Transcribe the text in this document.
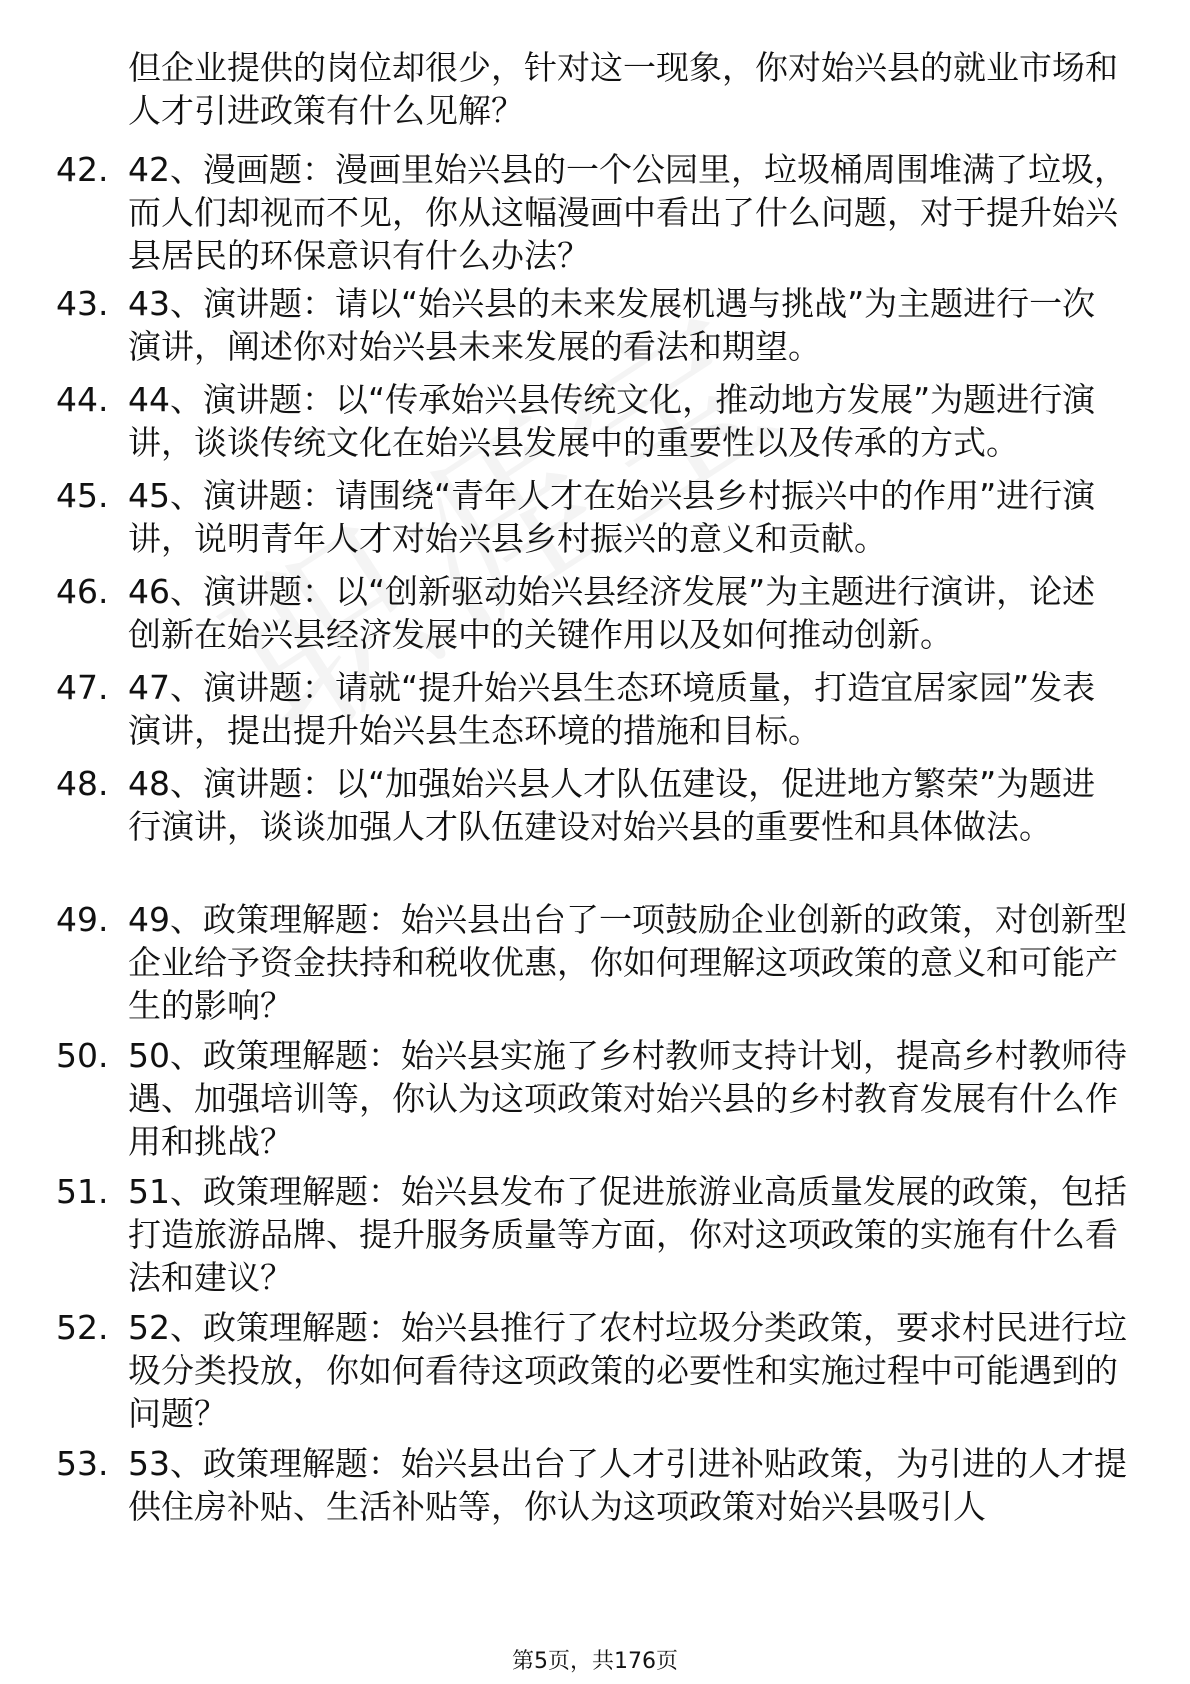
但企业提供的岗位却很少，针对这一现象，你对始兴县的就业市场和人才引进政策有什么见解？
42. 42、漫画题：漫画里始兴县的一个公园里，垃圾桶周围堆满了垃圾，而人们却视而不见，你从这幅漫画中看出了什么问题，对于提升始兴县居民的环保意识有什么办法？
43. 43、演讲题：请以“始兴县的未来发展机遇与挑战”为主题进行一次演讲，阐述你对始兴县未来发展的看法和期望。
44. 44、演讲题：以“传承始兴县传统文化，推动地方发展”为题进行演讲，谈谈传统文化在始兴县发展中的重要性以及传承的方式。
45. 45、演讲题：请围绕“青年人才在始兴县乡村振兴中的作用”进行演讲，说明青年人才对始兴县乡村振兴的意义和贡献。
46. 46、演讲题：以“创新驱动始兴县经济发展”为主题进行演讲，论述创新在始兴县经济发展中的关键作用以及如何推动创新。
47. 47、演讲题：请就“提升始兴县生态环境质量，打造宜居家园”发表演讲，提出提升始兴县生态环境的措施和目标。
48. 48、演讲题：以“加强始兴县人才队伍建设，促进地方繁荣”为题进行演讲，谈谈加强人才队伍建设对始兴县的重要性和具体做法。
49. 49、政策理解题：始兴县出台了一项鼓励企业创新的政策，对创新型企业给予资金扶持和税收优惠，你如何理解这项政策的意义和可能产生的影响？
50. 50、政策理解题：始兴县实施了乡村教师支持计划，提高乡村教师待遇、加强培训等，你认为这项政策对始兴县的乡村教育发展有什么作用和挑战？
51. 51、政策理解题：始兴县发布了促进旅游业高质量发展的政策，包括打造旅游品牌、提升服务质量等方面，你对这项政策的实施有什么看法和建议？
52. 52、政策理解题：始兴县推行了农村垃圾分类政策，要求村民进行垃圾分类投放，你如何看待这项政策的必要性和实施过程中可能遇到的问题？
53. 53、政策理解题：始兴县出台了人才引进补贴政策，为引进的人才提供住房补贴、生活补贴等，你认为这项政策对始兴县吸引人
第5页，共176页
